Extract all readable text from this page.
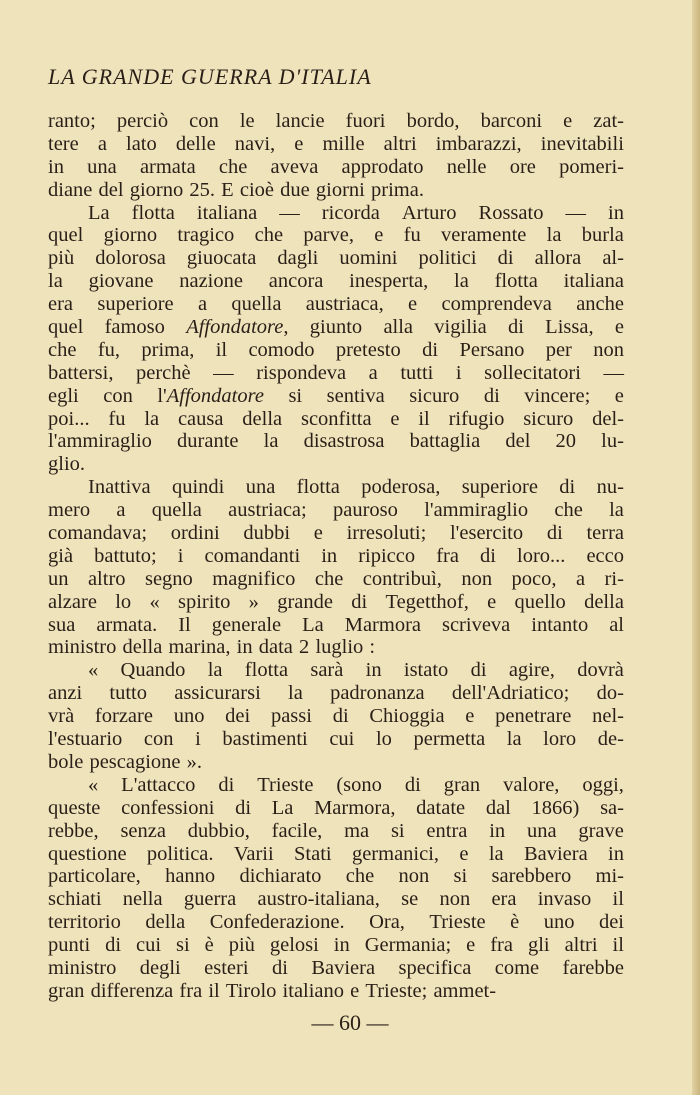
LA GRANDE GUERRA D'ITALIA
ranto; perciò con le lancie fuori bordo, barconi e zat-
tere a lato delle navi, e mille altri imbarazzi, inevitabili
in una armata che aveva approdato nelle ore pomeri-
diane del giorno 25. E cioè due giorni prima.
La flotta italiana — ricorda Arturo Rossato — in
quel giorno tragico che parve, e fu veramente la burla
più dolorosa giuocata dagli uomini politici di allora al-
la giovane nazione ancora inesperta, la flotta italiana
era superiore a quella austriaca, e comprendeva anche
quel famoso Affondatore, giunto alla vigilia di Lissa, e
che fu, prima, il comodo pretesto di Persano per non
battersi, perchè — rispondeva a tutti i sollecitatori —
egli con l'Affondatore si sentiva sicuro di vincere; e
poi... fu la causa della sconfitta e il rifugio sicuro del-
l'ammiraglio durante la disastrosa battaglia del 20 lu-
glio.
Inattiva quindi una flotta poderosa, superiore di nu-
mero a quella austriaca; pauroso l'ammiraglio che la
comandava; ordini dubbi e irresoluti; l'esercito di terra
già battuto; i comandanti in ripicco fra di loro... ecco
un altro segno magnifico che contribuì, non poco, a ri-
alzare lo « spirito » grande di Tegetthof, e quello della
sua armata. Il generale La Marmora scriveva intanto al
ministro della marina, in data 2 luglio :
« Quando la flotta sarà in istato di agire, dovrà
anzi tutto assicurarsi la padronanza dell'Adriatico; do-
vrà forzare uno dei passi di Chioggia e penetrare nel-
l'estuario con i bastimenti cui lo permetta la loro de-
bole pescagione ».
« L'attacco di Trieste (sono di gran valore, oggi,
queste confessioni di La Marmora, datate dal 1866) sa-
rebbe, senza dubbio, facile, ma si entra in una grave
questione politica. Varii Stati germanici, e la Baviera in
particolare, hanno dichiarato che non si sarebbero mi-
schiati nella guerra austro-italiana, se non era invaso il
territorio della Confederazione. Ora, Trieste è uno dei
punti di cui si è più gelosi in Germania; e fra gli altri il
ministro degli esteri di Baviera specifica come farebbe
gran differenza fra il Tirolo italiano e Trieste; ammet-
— 60 —
